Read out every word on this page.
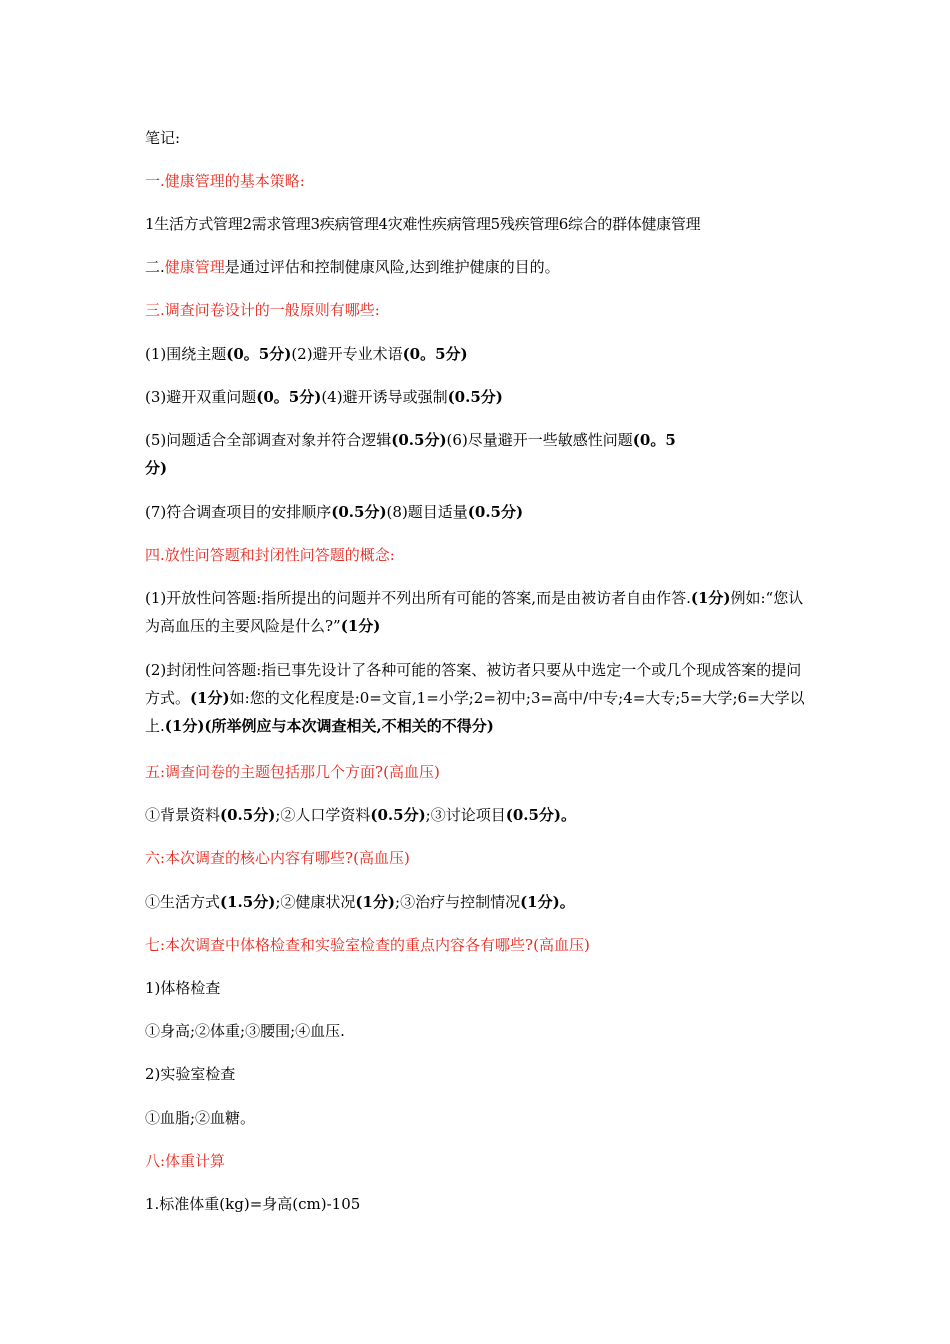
笔记:
一.健康管理的基本策略:
1生活方式管理2需求管理3疾病管理4灾难性疾病管理5残疾管理6综合的群体健康管理
二.健康管理是通过评估和控制健康风险,达到维护健康的目的。
三.调查问卷设计的一般原则有哪些:
(1)围绕主题(0。5分)(2)避开专业术语(0。5分)
(3)避开双重问题(0。5分)(4)避开诱导或强制(0.5分)
(5)问题适合全部调查对象并符合逻辑(0.5分)(6)尽量避开一些敏感性问题(0。5
分)
(7)符合调查项目的安排顺序(0.5分)(8)题目适量(0.5分)
四.放性问答题和封闭性问答题的概念:
(1)开放性问答题:指所提出的问题并不列出所有可能的答案,而是由被访者自由作答.(1分)例如:“您认为高血压的主要风险是什么?”(1分)
(2)封闭性问答题:指已事先设计了各种可能的答案、被访者只要从中选定一个或几个现成答案的提问方式。(1分)如:您的文化程度是:0=文盲,1=小学;2=初中;3=高中/中专;4=大专;5=大学;6=大学以上.(1分)(所举例应与本次调查相关,不相关的不得分)
五:调查问卷的主题包括那几个方面?(高血压)
①背景资料(0.5分);②人口学资料(0.5分);③讨论项目(0.5分)。
六:本次调查的核心内容有哪些?(高血压)
①生活方式(1.5分);②健康状况(1分);③治疗与控制情况(1分)。
七:本次调查中体格检查和实验室检查的重点内容各有哪些?(高血压)
1)体格检查
①身高;②体重;③腰围;④血压.
2)实验室检查
①血脂;②血糖。
八:体重计算
1.标准体重(kg)=身高(cm)-105
